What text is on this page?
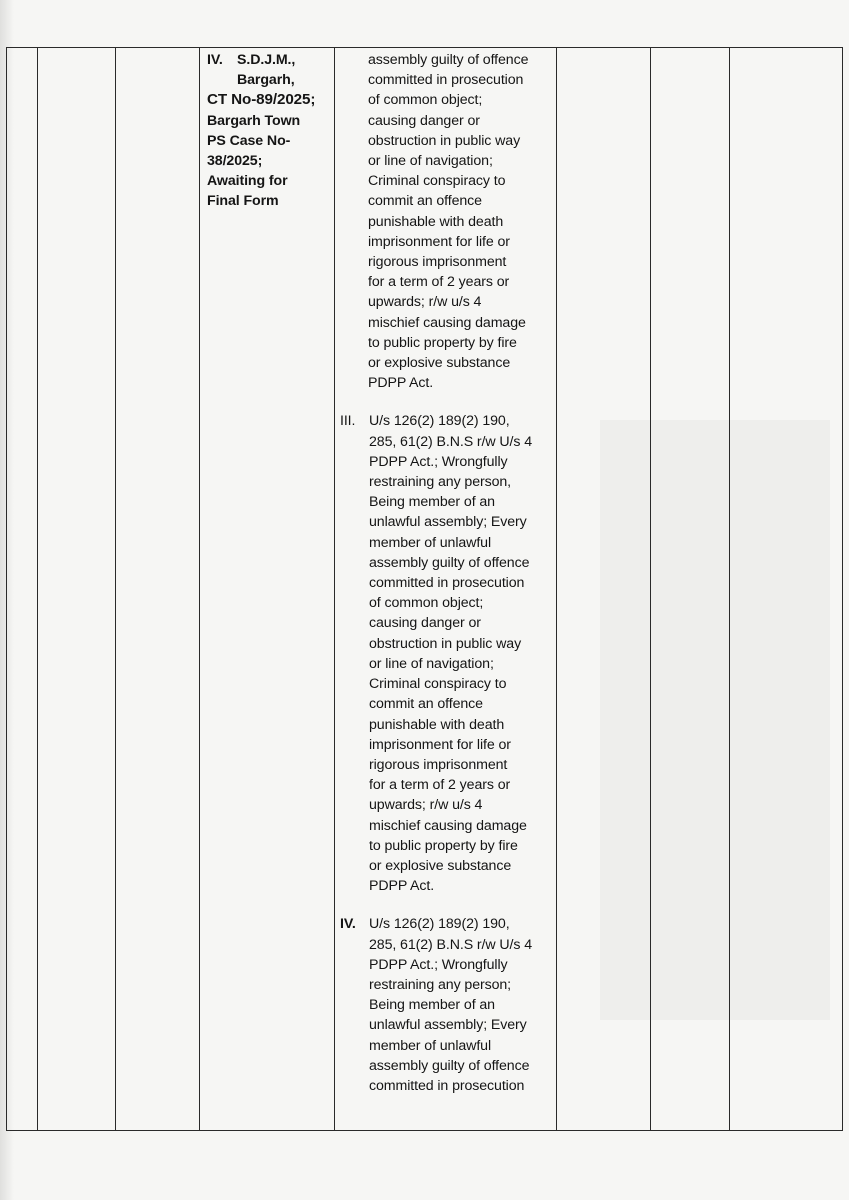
IV.	S.D.J.M.,
Bargarh,
CT No-89/2025;
Bargarh Town
PS Case No-
38/2025;
Awaiting for
Final Form
assembly guilty of offence
committed in prosecution
of common object;
causing danger or
obstruction in public way
or line of navigation;
Criminal conspiracy to
commit an offence
punishable with death
imprisonment for life or
rigorous imprisonment
for a term of 2 years or
upwards; r/w u/s 4
mischief causing damage
to public property by fire
or explosive substance
PDPP Act.
III. U/s 126(2) 189(2) 190,
285, 61(2) B.N.S r/w U/s 4
PDPP Act.; Wrongfully
restraining any person,
Being member of an
unlawful assembly; Every
member of unlawful
assembly guilty of offence
committed in prosecution
of common object;
causing danger or
obstruction in public way
or line of navigation;
Criminal conspiracy to
commit an offence
punishable with death
imprisonment for life or
rigorous imprisonment
for a term of 2 years or
upwards; r/w u/s 4
mischief causing damage
to public property by fire
or explosive substance
PDPP Act.
IV. U/s 126(2) 189(2) 190,
285, 61(2) B.N.S r/w U/s 4
PDPP Act.; Wrongfully
restraining any person;
Being member of an
unlawful assembly; Every
member of unlawful
assembly guilty of offence
committed in prosecution
